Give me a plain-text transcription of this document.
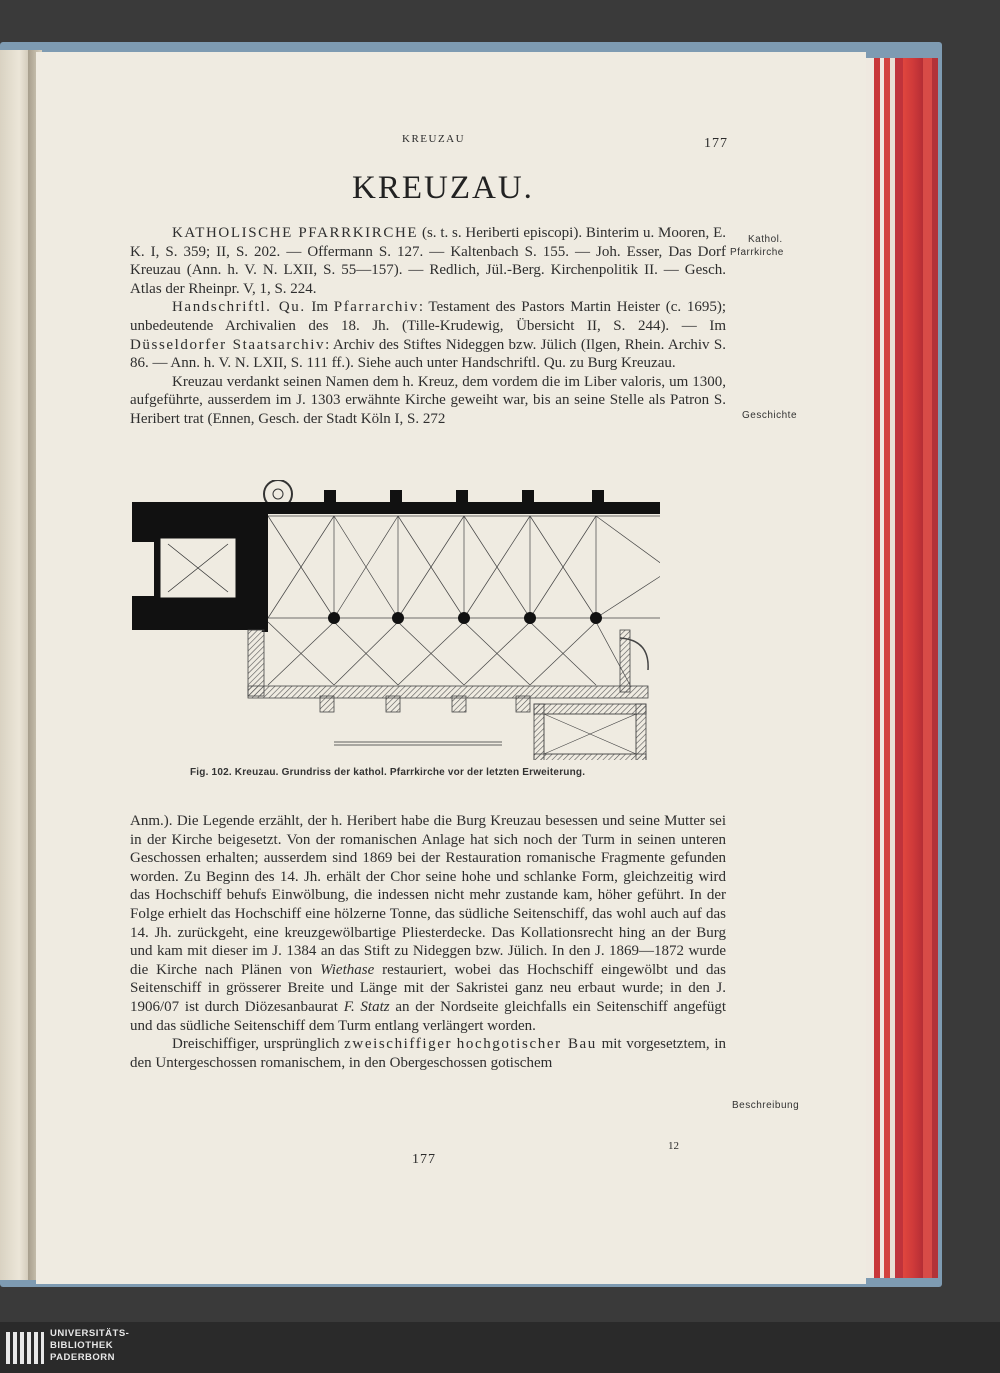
KREUZAU	177
KREUZAU.

KATHOLISCHE PFARRKIRCHE (s. t. s. Heriberti episcopi). Binterim u. Mooren, E. K. I, S. 359; II, S. 202. — Offermann S. 127. — Kaltenbach S. 155. — Joh. Esser, Das Dorf Kreuzau (Ann. h. V. N. LXII, S. 55—157). — Redlich, Jül.-Berg. Kirchenpolitik II. — Gesch. Atlas der Rheinpr. V, 1, S. 224.

Handschriftl. Qu. Im Pfarrarchiv: Testament des Pastors Martin Heister (c. 1695); unbedeutende Archivalien des 18. Jh. (Tille-Krudewig, Übersicht II, S. 244). — Im Düsseldorfer Staatsarchiv: Archiv des Stiftes Nideggen bzw. Jülich (Ilgen, Rhein. Archiv S. 86. — Ann. h. V. N. LXII, S. 111 ff.). Siehe auch unter Handschriftl. Qu. zu Burg Kreuzau.

Kreuzau verdankt seinen Namen dem h. Kreuz, dem vordem die im Liber valoris, um 1300, aufgeführte, ausserdem im J. 1303 erwähnte Kirche geweiht war, bis an seine Stelle als Patron S. Heribert trat (Ennen, Gesch. der Stadt Köln I, S. 272

Kathol.
Pfarrkirche
Geschichte
Beschreibung
Fig. 102. Kreuzau. Grundriss der kathol. Pfarrkirche vor der letzten Erweiterung.

Anm.). Die Legende erzählt, der h. Heribert habe die Burg Kreuzau besessen und seine Mutter sei in der Kirche beigesetzt. Von der romanischen Anlage hat sich noch der Turm in seinen unteren Geschossen erhalten; ausserdem sind 1869 bei der Restauration romanische Fragmente gefunden worden. Zu Beginn des 14. Jh. erhält der Chor seine hohe und schlanke Form, gleichzeitig wird das Hochschiff behufs Einwölbung, die indessen nicht mehr zustande kam, höher geführt. In der Folge erhielt das Hochschiff eine hölzerne Tonne, das südliche Seitenschiff, das wohl auch auf das 14. Jh. zurückgeht, eine kreuzgewölbartige Pliesterdecke. Das Kollationsrecht hing an der Burg und kam mit dieser im J. 1384 an das Stift zu Nideggen bzw. Jülich. In den J. 1869—1872 wurde die Kirche nach Plänen von Wiethase restauriert, wobei das Hochschiff eingewölbt und das Seitenschiff in grösserer Breite und Länge mit der Sakristei ganz neu erbaut wurde; in den J. 1906/07 ist durch Diözesanbaurat F. Statz an der Nordseite gleichfalls ein Seitenschiff angefügt und das südliche Seitenschiff dem Turm entlang verlängert worden.

Dreischiffiger, ursprünglich zweischiffiger hochgotischer Bau mit vorgesetztem, in den Untergeschossen romanischem, in den Obergeschossen gotischem

12
177
UNIVERSITÄTS-
BIBLIOTHEK
PADERBORN
